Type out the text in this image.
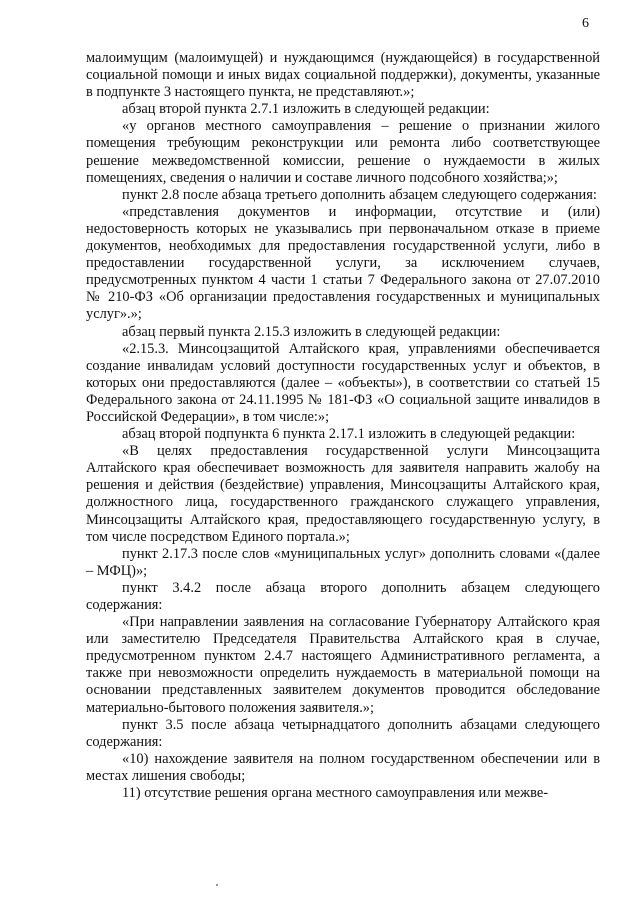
6

малоимущим (малоимущей) и нуждающимся (нуждающейся) в государственной социальной помощи и иных видах социальной поддержки), документы, указанные в подпункте 3 настоящего пункта, не представляют.»;

абзац второй пункта 2.7.1 изложить в следующей редакции:

«у органов местного самоуправления – решение о признании жилого помещения требующим реконструкции или ремонта либо соответствующее решение межведомственной комиссии, решение о нуждаемости в жилых помещениях, сведения о наличии и составе личного подсобного хозяйства;»;

пункт 2.8 после абзаца третьего дополнить абзацем следующего содержания:

«представления документов и информации, отсутствие и (или) недостоверность которых не указывались при первоначальном отказе в приеме документов, необходимых для предоставления государственной услуги, либо в предоставлении государственной услуги, за исключением случаев, предусмотренных пунктом 4 части 1 статьи 7 Федерального закона от 27.07.2010 № 210-ФЗ «Об организации предоставления государственных и муниципальных услуг».»;

абзац первый пункта 2.15.3 изложить в следующей редакции:

«2.15.3. Минсоцзащитой Алтайского края, управлениями обеспечивается создание инвалидам условий доступности государственных услуг и объектов, в которых они предоставляются (далее – «объекты»), в соответствии со статьей 15 Федерального закона от 24.11.1995 № 181-ФЗ «О социальной защите инвалидов в Российской Федерации», в том числе:»;

абзац второй подпункта 6 пункта 2.17.1 изложить в следующей редакции:

«В целях предоставления государственной услуги Минсоцзащита Алтайского края обеспечивает возможность для заявителя направить жалобу на решения и действия (бездействие) управления, Минсоцзащиты Алтайского края, должностного лица, государственного гражданского служащего управления, Минсоцзащиты Алтайского края, предоставляющего государственную услугу, в том числе посредством Единого портала.»;

пункт 2.17.3 после слов «муниципальных услуг» дополнить словами «(далее – МФЦ)»;

пункт 3.4.2 после абзаца второго дополнить абзацем следующего содержания:

«При направлении заявления на согласование Губернатору Алтайского края или заместителю Председателя Правительства Алтайского края в случае, предусмотренном пунктом 2.4.7 настоящего Административного регламента, а также при невозможности определить нуждаемость в материальной помощи на основании представленных заявителем документов проводится обследование материально-бытового положения заявителя.»;

пункт 3.5 после абзаца четырнадцатого дополнить абзацами следующего содержания:

«10) нахождение заявителя на полном государственном обеспечении или в местах лишения свободы;

11) отсутствие решения органа местного самоуправления или межве-
